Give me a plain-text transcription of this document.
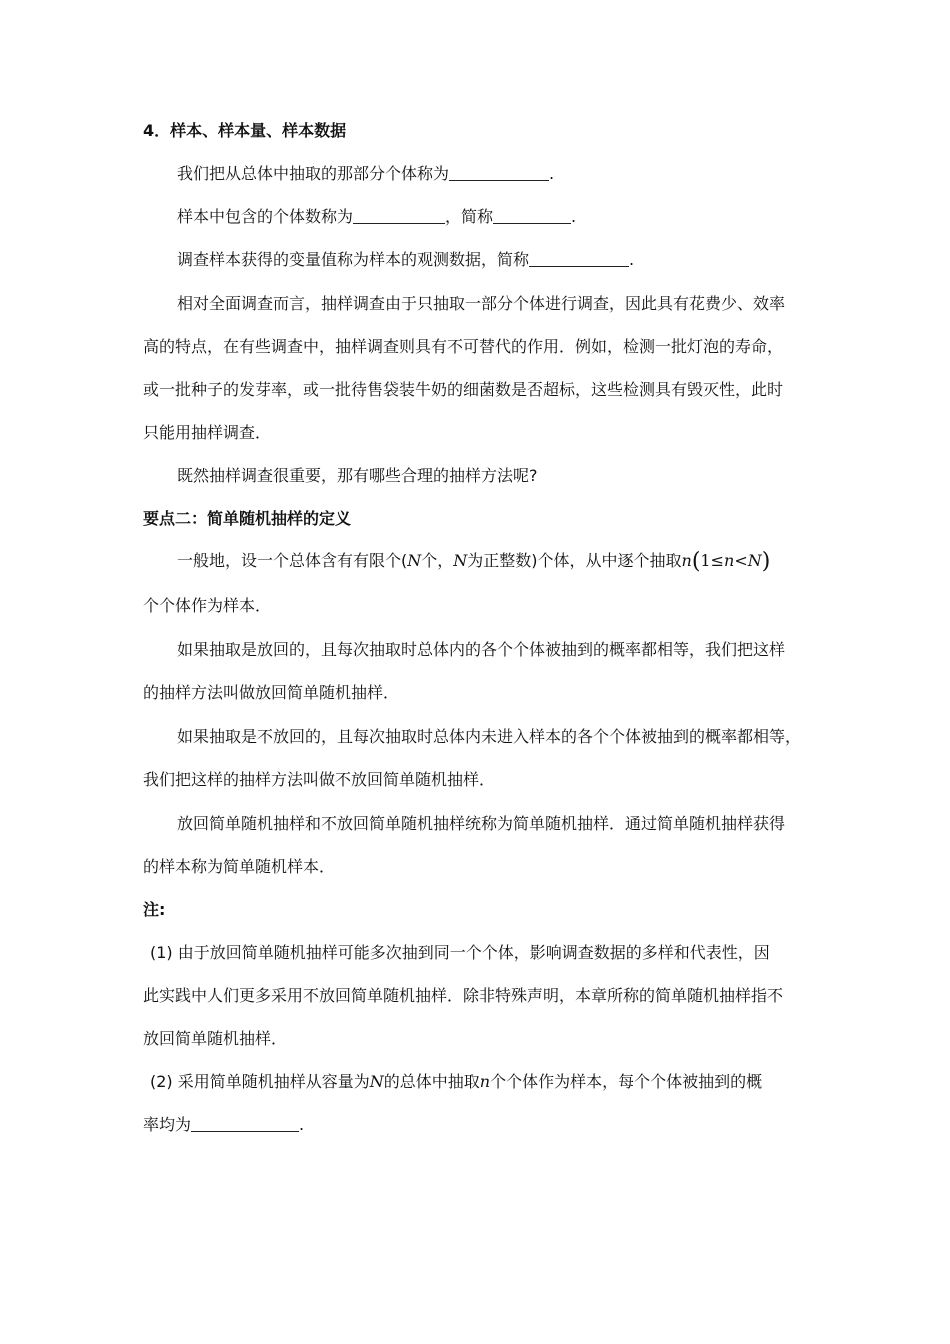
4．样本、样本量、样本数据
我们把从总体中抽取的那部分个体称为	.
样本中包含的个体数称为	，简称	.
调查样本获得的变量值称为样本的观测数据，简称	.
相对全面调查而言，抽样调查由于只抽取一部分个体进行调查，因此具有花费少、效率
高的特点，在有些调查中，抽样调查则具有不可替代的作用．例如，检测一批灯泡的寿命，
或一批种子的发芽率，或一批待售袋装牛奶的细菌数是否超标，这些检测具有毁灭性，此时
只能用抽样调查．
既然抽样调查很重要，那有哪些合理的抽样方法呢?
要点二：简单随机抽样的定义
一般地，设一个总体含有有限个(N个，N为正整数)个体，从中逐个抽取n(1≤n<N)
个个体作为样本．
如果抽取是放回的，且每次抽取时总体内的各个个体被抽到的概率都相等，我们把这样
的抽样方法叫做放回简单随机抽样．
如果抽取是不放回的，且每次抽取时总体内未进入样本的各个个体被抽到的概率都相等，
我们把这样的抽样方法叫做不放回简单随机抽样．
放回简单随机抽样和不放回简单随机抽样统称为简单随机抽样．通过简单随机抽样获得
的样本称为简单随机样本．
注:
(1) 由于放回简单随机抽样可能多次抽到同一个个体，影响调查数据的多样和代表性，因
此实践中人们更多采用不放回简单随机抽样．除非特殊声明，本章所称的简单随机抽样指不
放回简单随机抽样．
(2) 采用简单随机抽样从容量为N的总体中抽取n个个体作为样本，每个个体被抽到的概
率均为	.
